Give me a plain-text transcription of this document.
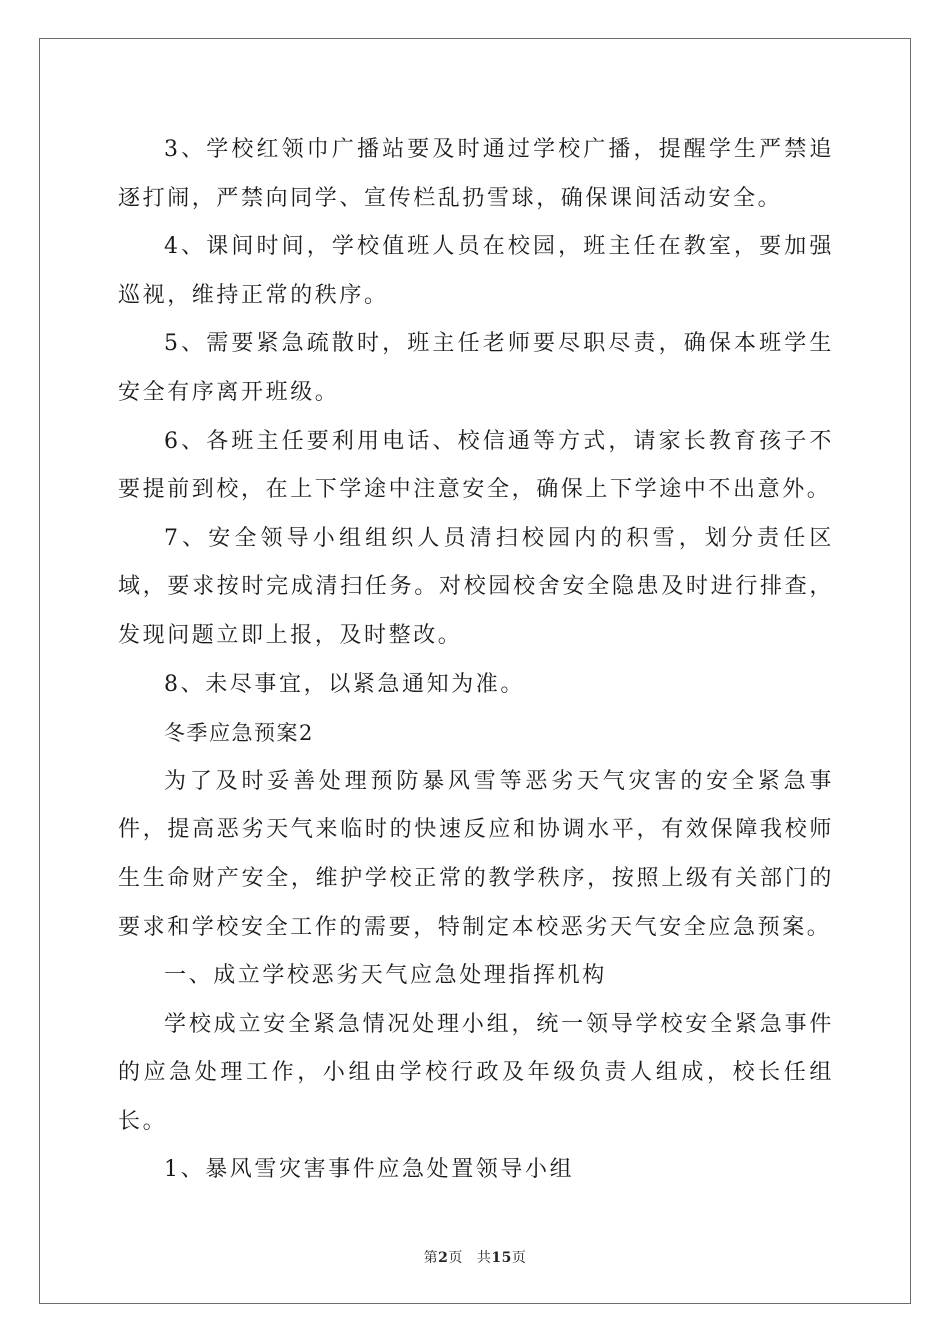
3、学校红领巾广播站要及时通过学校广播，提醒学生严禁追逐打闹，严禁向同学、宣传栏乱扔雪球，确保课间活动安全。

4、课间时间，学校值班人员在校园，班主任在教室，要加强巡视，维持正常的秩序。

5、需要紧急疏散时，班主任老师要尽职尽责，确保本班学生安全有序离开班级。

6、各班主任要利用电话、校信通等方式，请家长教育孩子不要提前到校，在上下学途中注意安全，确保上下学途中不出意外。

7、安全领导小组组织人员清扫校园内的积雪，划分责任区域，要求按时完成清扫任务。对校园校舍安全隐患及时进行排查，发现问题立即上报，及时整改。

8、未尽事宜，以紧急通知为准。

冬季应急预案2

为了及时妥善处理预防暴风雪等恶劣天气灾害的安全紧急事件，提高恶劣天气来临时的快速反应和协调水平，有效保障我校师生生命财产安全，维护学校正常的教学秩序，按照上级有关部门的要求和学校安全工作的需要，特制定本校恶劣天气安全应急预案。

一、成立学校恶劣天气应急处理指挥机构

学校成立安全紧急情况处理小组，统一领导学校安全紧急事件的应急处理工作，小组由学校行政及年级负责人组成，校长任组长。

1、暴风雪灾害事件应急处置领导小组

第2页 共15页
